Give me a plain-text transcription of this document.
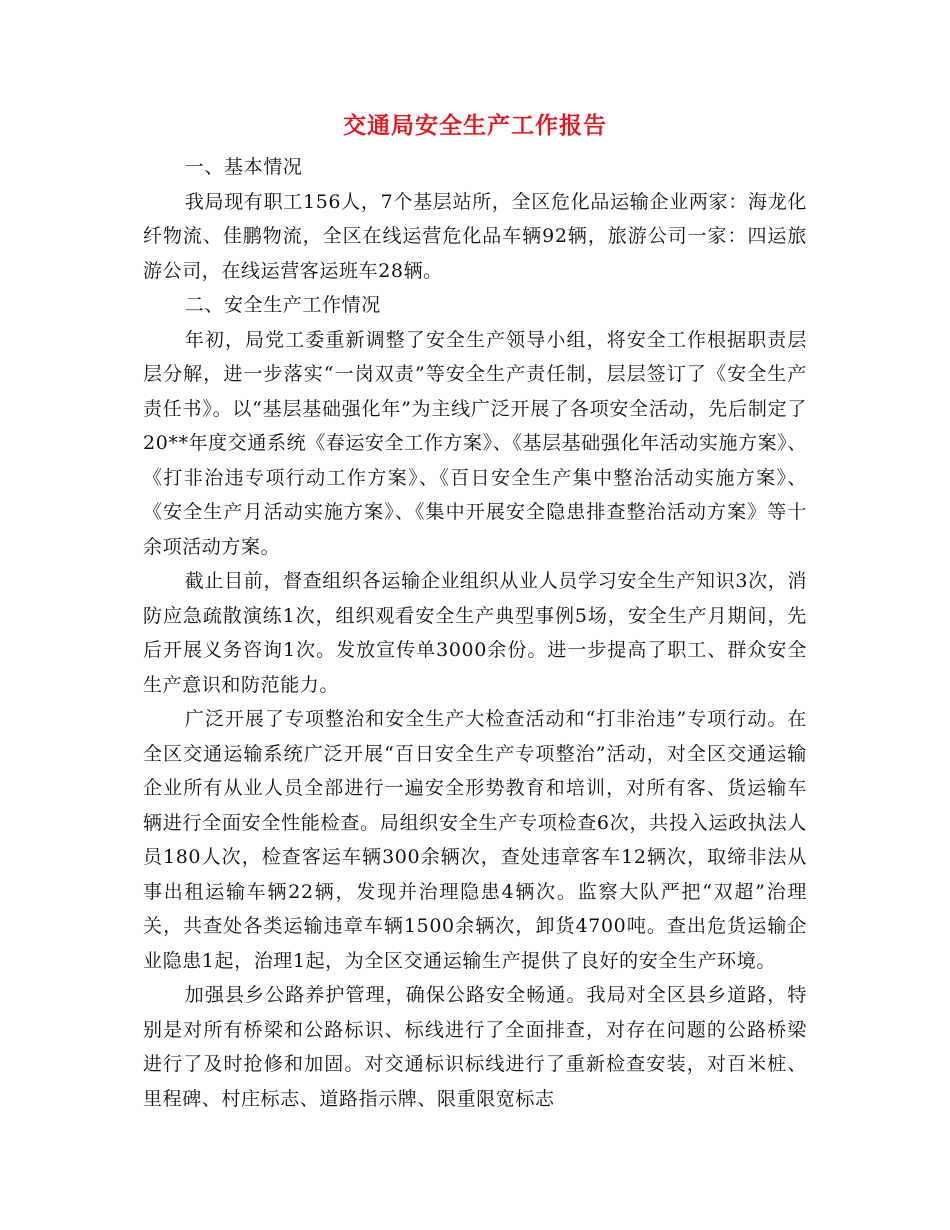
交通局安全生产工作报告

一、基本情况

我局现有职工156人，7个基层站所，全区危化品运输企业两家：海龙化纤物流、佳鹏物流，全区在线运营危化品车辆92辆，旅游公司一家：四运旅游公司，在线运营客运班车28辆。

二、安全生产工作情况

年初，局党工委重新调整了安全生产领导小组，将安全工作根据职责层层分解，进一步落实“一岗双责”等安全生产责任制，层层签订了《安全生产责任书》。以“基层基础强化年”为主线广泛开展了各项安全活动，先后制定了20**年度交通系统《春运安全工作方案》、《基层基础强化年活动实施方案》、《打非治违专项行动工作方案》、《百日安全生产集中整治活动实施方案》、《安全生产月活动实施方案》、《集中开展安全隐患排查整治活动方案》等十余项活动方案。

截止目前，督查组织各运输企业组织从业人员学习安全生产知识3次，消防应急疏散演练1次，组织观看安全生产典型事例5场，安全生产月期间，先后开展义务咨询1次。发放宣传单3000余份。进一步提高了职工、群众安全生产意识和防范能力。

广泛开展了专项整治和安全生产大检查活动和“打非治违”专项行动。在全区交通运输系统广泛开展“百日安全生产专项整治”活动，对全区交通运输企业所有从业人员全部进行一遍安全形势教育和培训，对所有客、货运输车辆进行全面安全性能检查。局组织安全生产专项检查6次，共投入运政执法人员180人次，检查客运车辆300余辆次，查处违章客车12辆次，取缔非法从事出租运输车辆22辆，发现并治理隐患4辆次。监察大队严把“双超”治理关，共查处各类运输违章车辆1500余辆次，卸货4700吨。查出危货运输企业隐患1起，治理1起，为全区交通运输生产提供了良好的安全生产环境。

加强县乡公路养护管理，确保公路安全畅通。我局对全区县乡道路，特别是对所有桥梁和公路标识、标线进行了全面排查，对存在问题的公路桥梁进行了及时抢修和加固。对交通标识标线进行了重新检查安装，对百米桩、里程碑、村庄标志、道路指示牌、限重限宽标志
